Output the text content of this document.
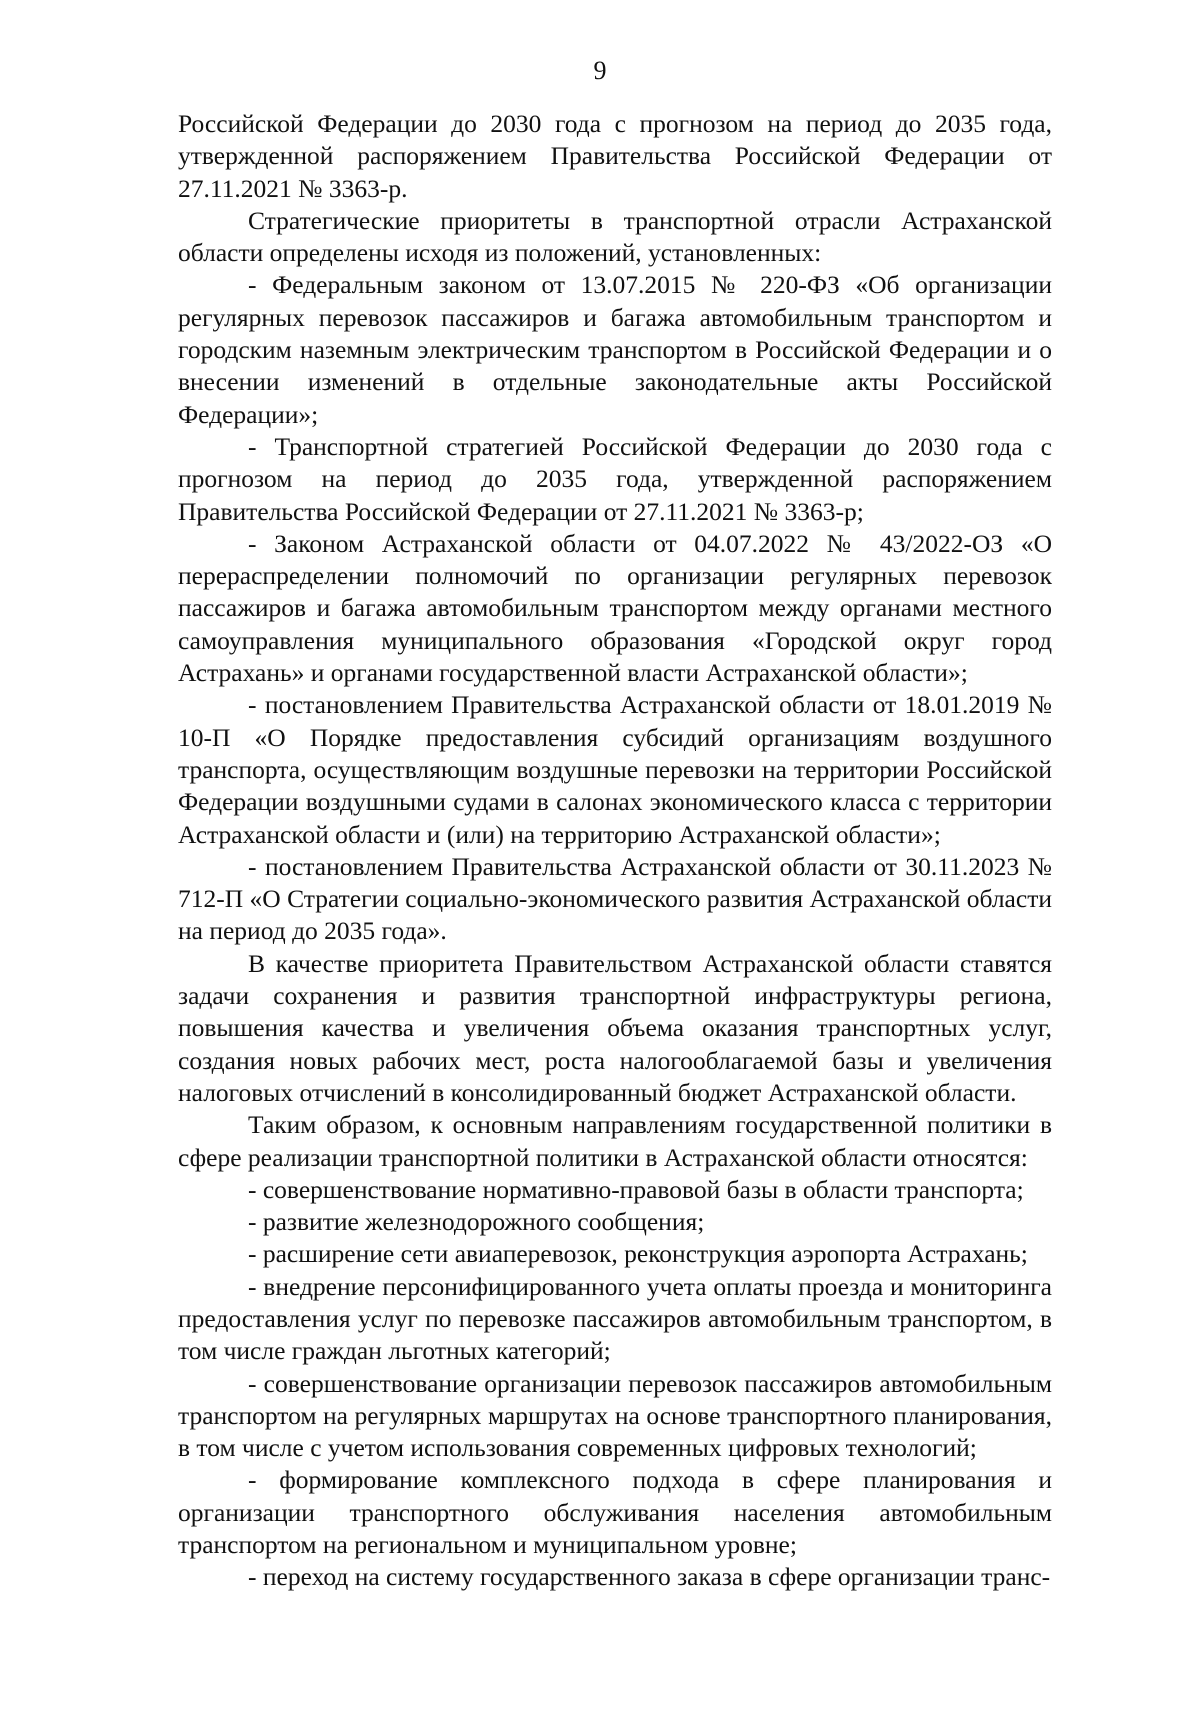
9

Российской Федерации до 2030 года с прогнозом на период до 2035 года, утвержденной распоряжением Правительства Российской Федерации от 27.11.2021 № 3363-р.

Стратегические приоритеты в транспортной отрасли Астраханской области определены исходя из положений, установленных:

- Федеральным законом от 13.07.2015 № 220-ФЗ «Об организации регулярных перевозок пассажиров и багажа автомобильным транспортом и городским наземным электрическим транспортом в Российской Федерации и о внесении изменений в отдельные законодательные акты Российской Федерации»;

- Транспортной стратегией Российской Федерации до 2030 года с прогнозом на период до 2035 года, утвержденной распоряжением Правительства Российской Федерации от 27.11.2021 № 3363-р;

- Законом Астраханской области от 04.07.2022 № 43/2022-ОЗ «О перераспределении полномочий по организации регулярных перевозок пассажиров и багажа автомобильным транспортом между органами местного самоуправления муниципального образования «Городской округ город Астрахань» и органами государственной власти Астраханской области»;

- постановлением Правительства Астраханской области от 18.01.2019 № 10-П «О Порядке предоставления субсидий организациям воздушного транспорта, осуществляющим воздушные перевозки на территории Российской Федерации воздушными судами в салонах экономического класса с территории Астраханской области и (или) на территорию Астраханской области»;

- постановлением Правительства Астраханской области от 30.11.2023 № 712-П «О Стратегии социально-экономического развития Астраханской области на период до 2035 года».

В качестве приоритета Правительством Астраханской области ставятся задачи сохранения и развития транспортной инфраструктуры региона, повышения качества и увеличения объема оказания транспортных услуг, создания новых рабочих мест, роста налогооблагаемой базы и увеличения налоговых отчислений в консолидированный бюджет Астраханской области.

Таким образом, к основным направлениям государственной политики в сфере реализации транспортной политики в Астраханской области относятся:

- совершенствование нормативно-правовой базы в области транспорта;

- развитие железнодорожного сообщения;

- расширение сети авиаперевозок, реконструкция аэропорта Астрахань;

- внедрение персонифицированного учета оплаты проезда и мониторинга предоставления услуг по перевозке пассажиров автомобильным транспортом, в том числе граждан льготных категорий;

- совершенствование организации перевозок пассажиров автомобильным транспортом на регулярных маршрутах на основе транспортного планирования, в том числе с учетом использования современных цифровых технологий;

- формирование комплексного подхода в сфере планирования и организации транспортного обслуживания населения автомобильным транспортом на региональном и муниципальном уровне;

- переход на систему государственного заказа в сфере организации транс-
